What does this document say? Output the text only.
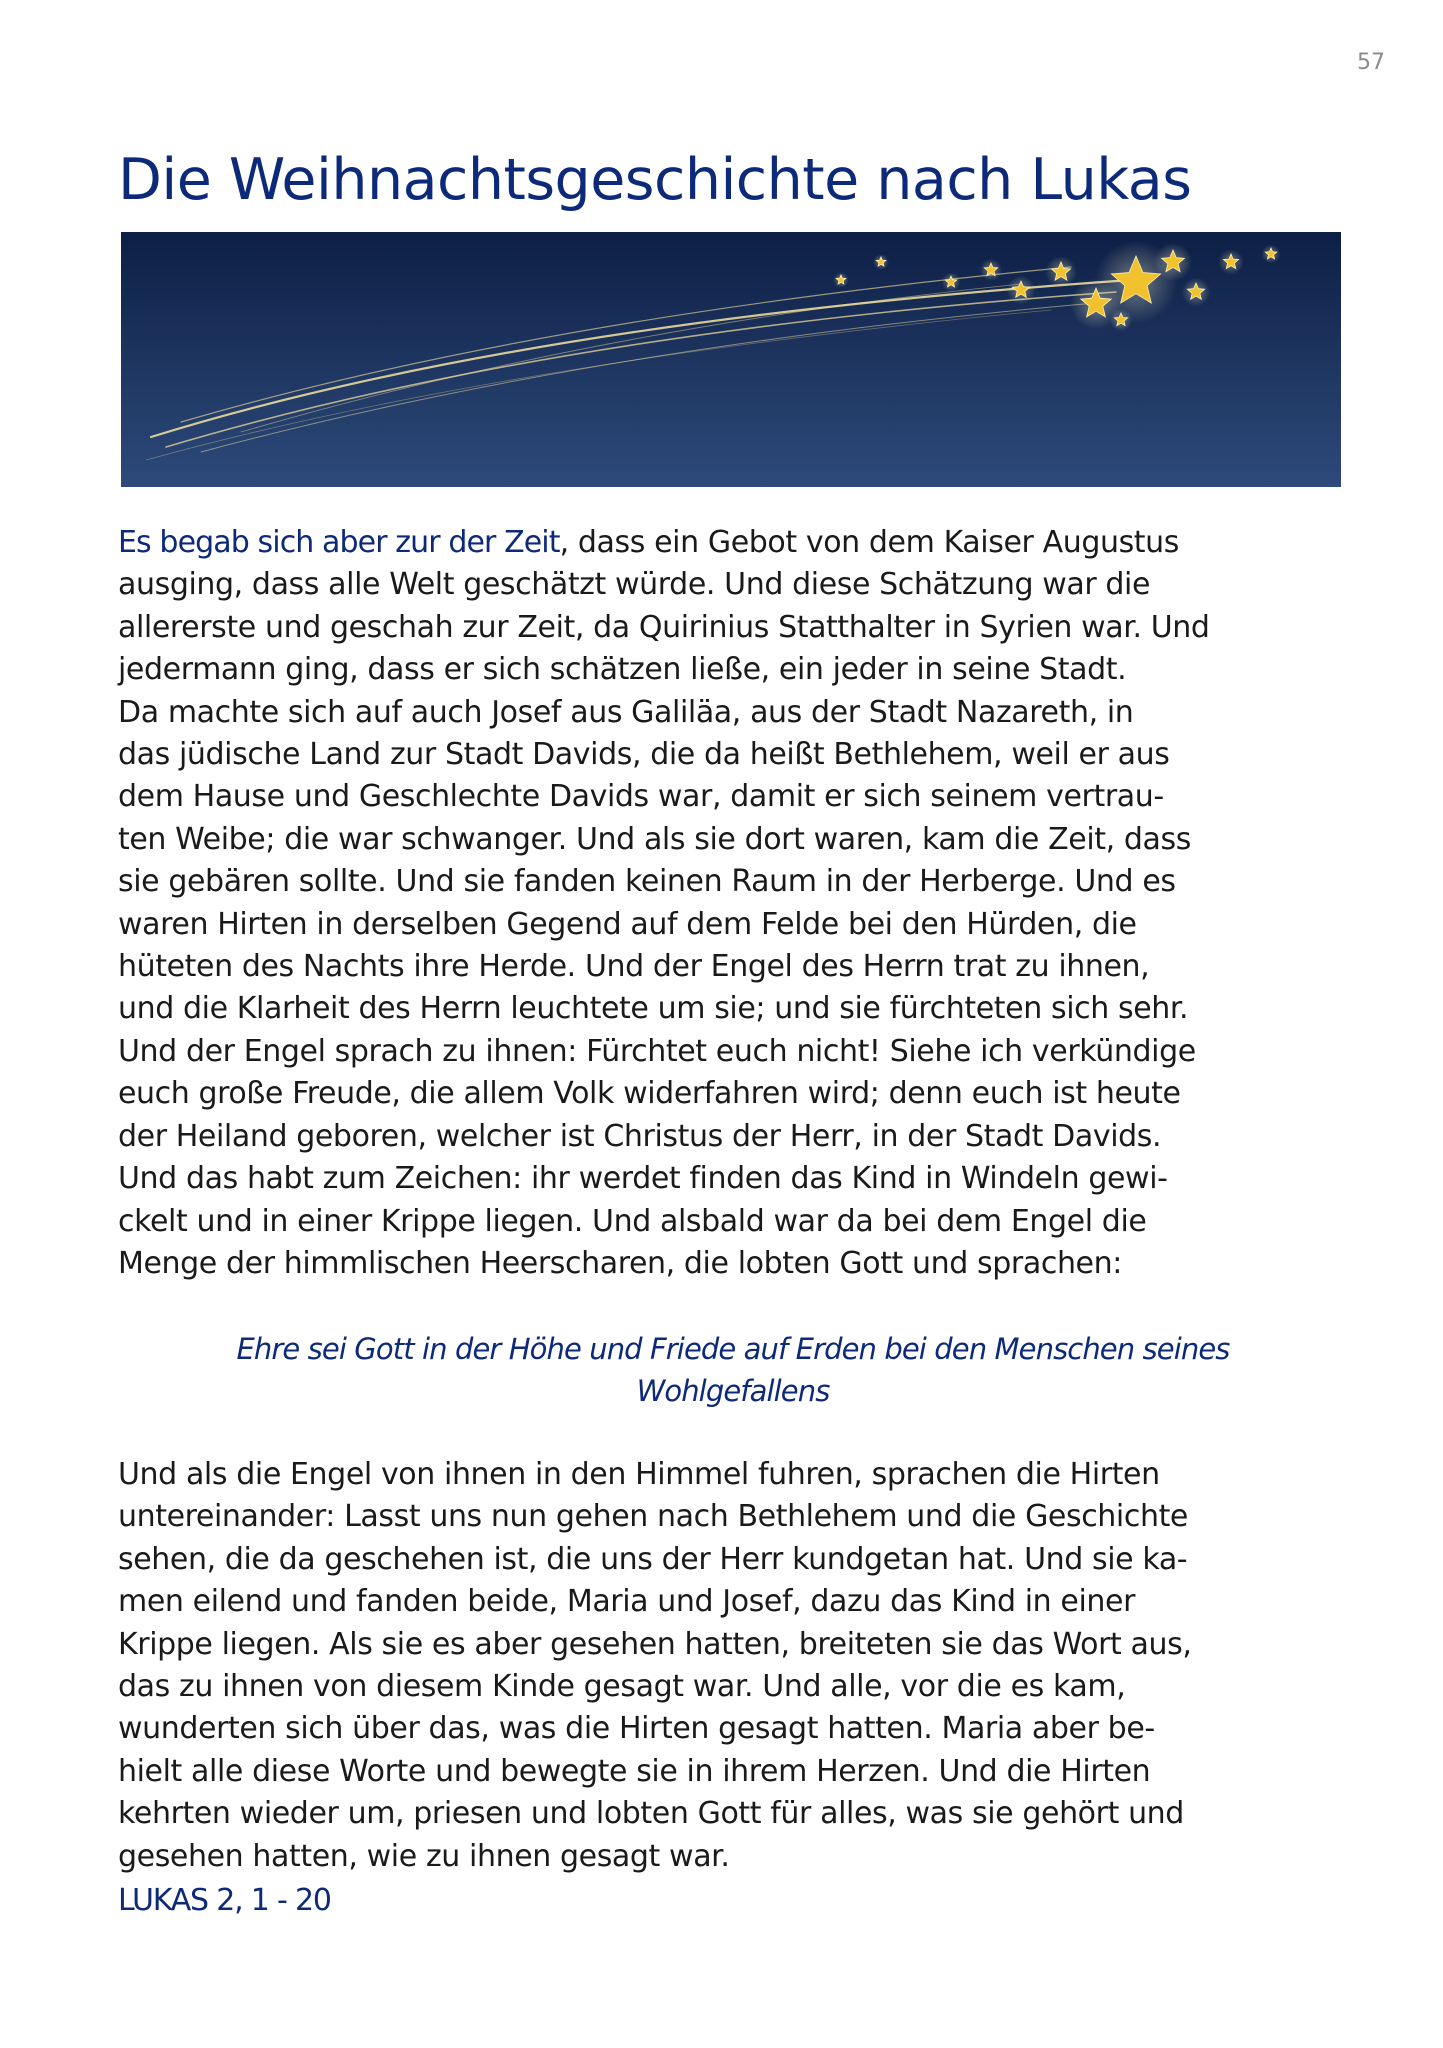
57
Die Weihnachtsgeschichte nach Lukas

Es begab sich aber zur der Zeit, dass ein Gebot von dem Kaiser Augustus
ausging, dass alle Welt geschätzt würde. Und diese Schätzung war die
allererste und geschah zur Zeit, da Quirinius Statthalter in Syrien war. Und
jedermann ging, dass er sich schätzen ließe, ein jeder in seine Stadt.
Da machte sich auf auch Josef aus Galiläa, aus der Stadt Nazareth, in
das jüdische Land zur Stadt Davids, die da heißt Bethlehem, weil er aus
dem Hause und Geschlechte Davids war, damit er sich seinem vertrau-
ten Weibe; die war schwanger. Und als sie dort waren, kam die Zeit, dass
sie gebären sollte. Und sie fanden keinen Raum in der Herberge. Und es
waren Hirten in derselben Gegend auf dem Felde bei den Hürden, die
hüteten des Nachts ihre Herde. Und der Engel des Herrn trat zu ihnen,
und die Klarheit des Herrn leuchtete um sie; und sie fürchteten sich sehr.
Und der Engel sprach zu ihnen: Fürchtet euch nicht! Siehe ich verkündige
euch große Freude, die allem Volk widerfahren wird; denn euch ist heute
der Heiland geboren, welcher ist Christus der Herr, in der Stadt Davids.
Und das habt zum Zeichen: ihr werdet finden das Kind in Windeln gewi-
ckelt und in einer Krippe liegen. Und alsbald war da bei dem Engel die
Menge der himmlischen Heerscharen, die lobten Gott und sprachen:

Ehre sei Gott in der Höhe und Friede auf Erden bei den Menschen seines
Wohlgefallens

Und als die Engel von ihnen in den Himmel fuhren, sprachen die Hirten
untereinander: Lasst uns nun gehen nach Bethlehem und die Geschichte
sehen, die da geschehen ist, die uns der Herr kundgetan hat. Und sie ka-
men eilend und fanden beide, Maria und Josef, dazu das Kind in einer
Krippe liegen. Als sie es aber gesehen hatten, breiteten sie das Wort aus,
das zu ihnen von diesem Kinde gesagt war. Und alle, vor die es kam,
wunderten sich über das, was die Hirten gesagt hatten. Maria aber be-
hielt alle diese Worte und bewegte sie in ihrem Herzen. Und die Hirten
kehrten wieder um, priesen und lobten Gott für alles, was sie gehört und
gesehen hatten, wie zu ihnen gesagt war.

LUKAS 2, 1 - 20
